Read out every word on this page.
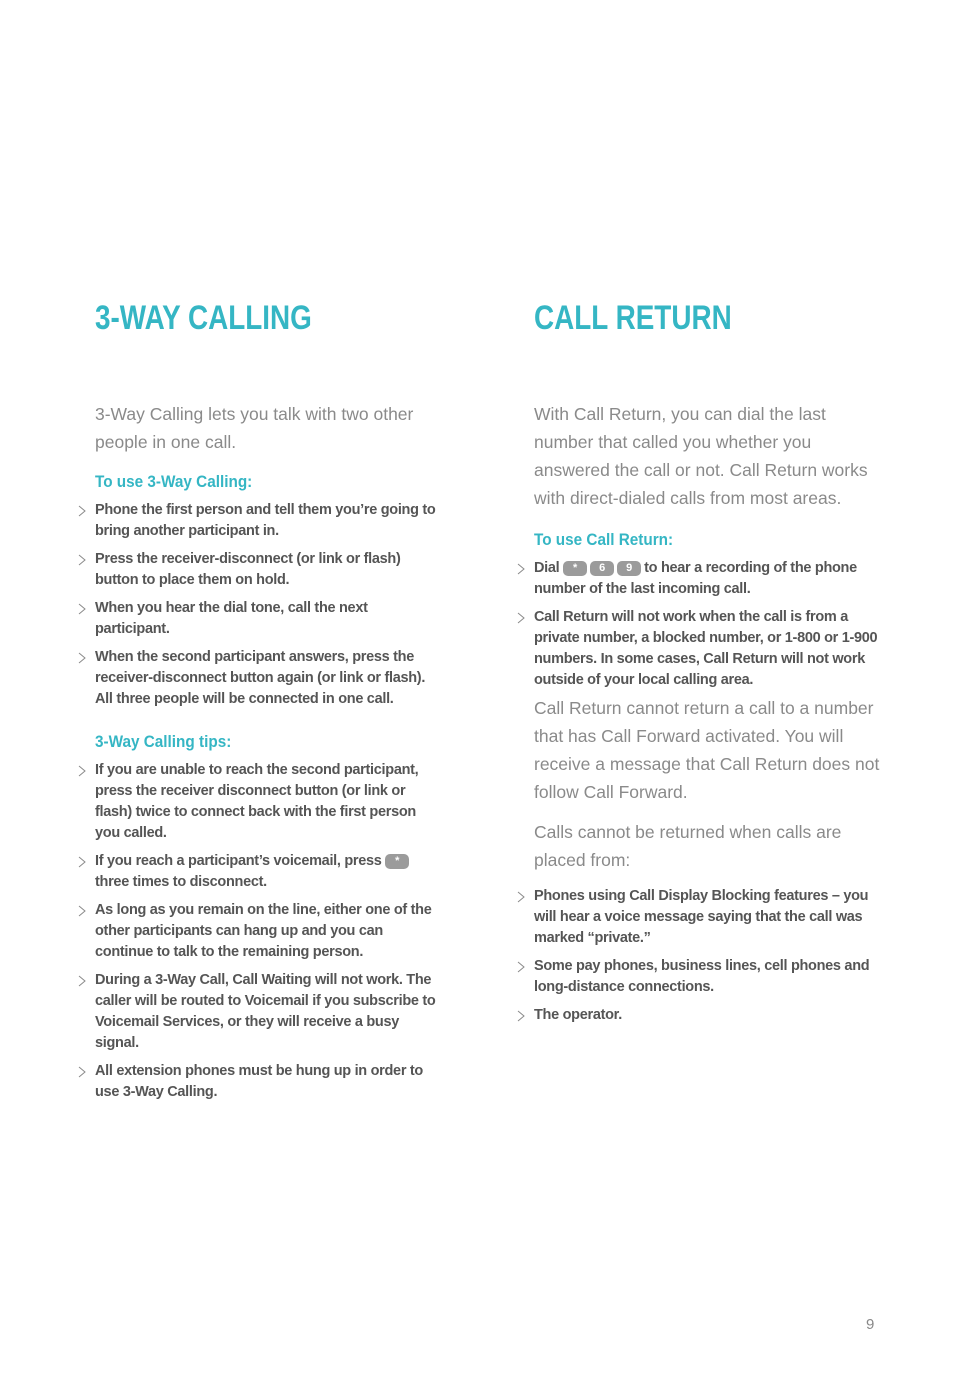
3-WAY CALLING
3-Way Calling lets you talk with two other people in one call.
To use 3-Way Calling:
Phone the first person and tell them you’re going to bring another participant in.
Press the receiver-disconnect (or link or flash) button to place them on hold.
When you hear the dial tone, call the next participant.
When the second participant answers, press the receiver-disconnect button again (or link or flash). All three people will be connected in one call.
3-Way Calling tips:
If you are unable to reach the second participant, press the receiver disconnect button (or link or flash) twice to connect back with the first person you called.
If you reach a participant’s voicemail, press * three times to disconnect.
As long as you remain on the line, either one of the other participants can hang up and you can continue to talk to the remaining person.
During a 3-Way Call, Call Waiting will not work. The caller will be routed to Voicemail if you subscribe to Voicemail Services, or they will receive a busy signal.
All extension phones must be hung up in order to use 3-Way Calling.
CALL RETURN
With Call Return, you can dial the last number that called you whether you answered the call or not. Call Return works with direct-dialed calls from most areas.
To use Call Return:
Dial * 6 9 to hear a recording of the phone number of the last incoming call.
Call Return will not work when the call is from a private number, a blocked number, or 1-800 or 1-900 numbers. In some cases, Call Return will not work outside of your local calling area.

Call Return cannot return a call to a number that has Call Forward activated. You will receive a message that Call Return does not follow Call Forward.

Calls cannot be returned when calls are placed from:

Phones using Call Display Blocking features – you will hear a voice message saying that the call was marked “private.”
Some pay phones, business lines, cell phones and long-distance connections.
The operator.
9
